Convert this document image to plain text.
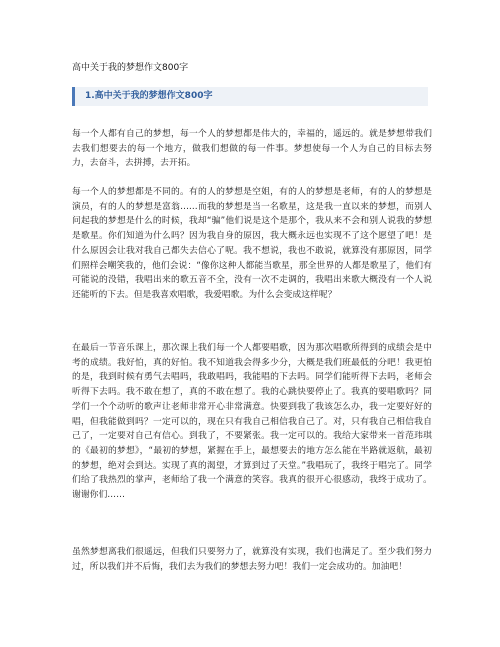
高中关于我的梦想作文800字
1.高中关于我的梦想作文800字

每一个人都有自己的梦想，每一个人的梦想都是伟大的，幸福的，遥远的。就是梦想带我们去我们想要去的每一个地方，做我们想做的每一件事。梦想使每一个人为自己的目标去努力，去奋斗，去拼搏，去开拓。

每一个人的梦想都是不同的。有的人的梦想是空姐，有的人的梦想是老师，有的人的梦想是演员，有的人的梦想是富翁……而我的梦想是当一名歌星，这是我一直以来的梦想，而别人问起我的梦想是什么的时候，我却“骗”他们说是这个是那个，我从来不会和别人说我的梦想是歌星。你们知道为什么吗？因为我自身的原因，我大概永远也实现不了这个愿望了吧！是什么原因会让我对我自己都失去信心了呢。我不想说，我也不敢说，就算没有那原因，同学们照样会嘲笑我的，他们会说：“像你这种人都能当歌星，那全世界的人都是歌星了，他们有可能说的没错，我唱出来的歌五音不全，没有一次不走调的，我唱出来歌大概没有一个人说还能听的下去。但是我喜欢唱歌，我爱唱歌。为什么会变成这样呢？

在最后一节音乐课上，那次课上我们每一个人都要唱歌，因为那次唱歌所得到的成绩会是中考的成绩。我好怕，真的好怕。我不知道我会得多少分，大概是我们班最低的分吧！我更怕的是，我到时候有勇气去唱吗，我敢唱吗，我能唱的下去吗。同学们能听得下去吗，老师会听得下去吗。我不敢在想了，真的不敢在想了。我的心跳快要停止了。我真的要唱歌吗？同学们一个个动听的歌声让老师非常开心非常满意。快要到我了我该怎么办，我一定要好好的唱，但我能做到吗？一定可以的，现在只有我自己相信我自己了。对，只有我自己相信我自己了，一定要对自己有信心。到我了，不要紧张。我一定可以的。我给大家带来一首范玮琪的《最初的梦想》，“最初的梦想，紧握在手上，最想要去的地方怎么能在半路就返航，最初的梦想，绝对会到达。实现了真的渴望，才算到过了天堂。”我唱玩了，我终于唱完了。同学们给了我热烈的掌声，老师给了我一个满意的笑容。我真的很开心很感动，我终于成功了。谢谢你们……

虽然梦想离我们很遥远，但我们只要努力了，就算没有实现，我们也满足了。至少我们努力过，所以我们并不后悔，我们去为我们的梦想去努力吧！我们一定会成功的。加油吧！
